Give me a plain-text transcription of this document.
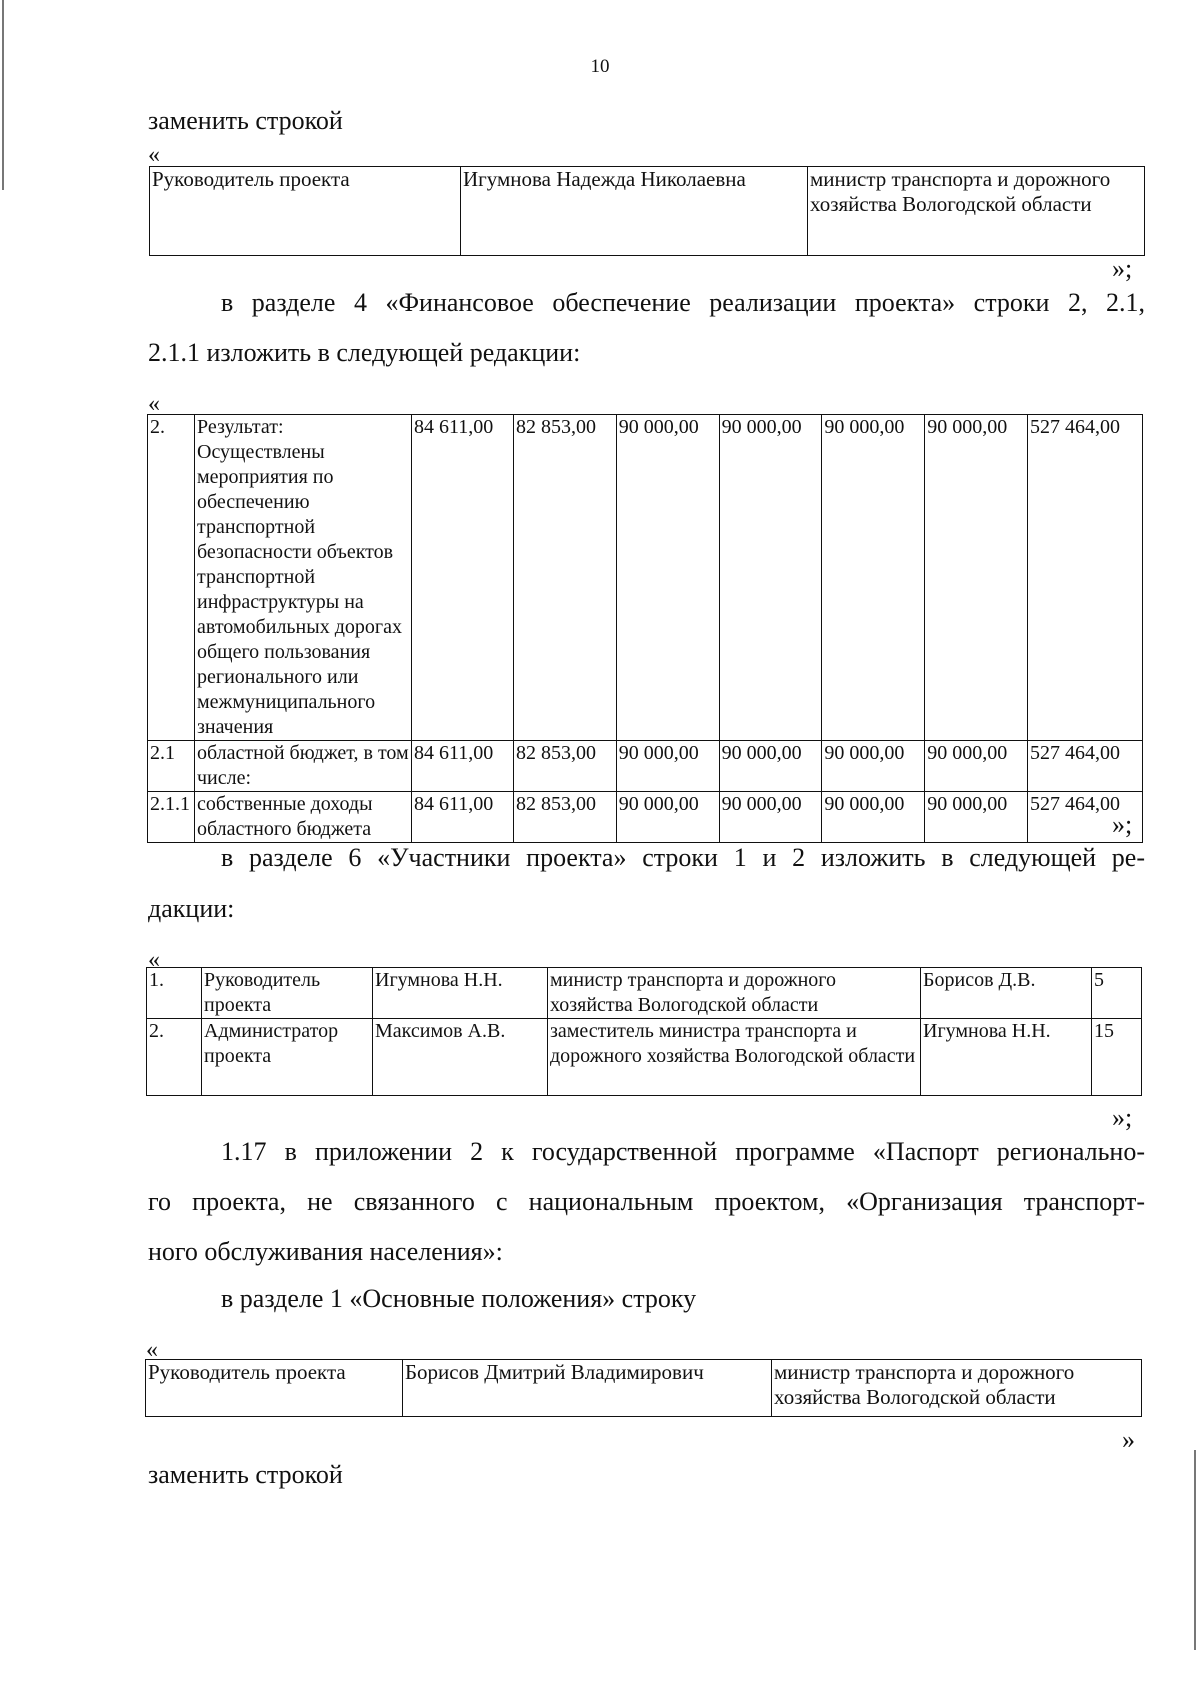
10
заменить строкой
«
Руководитель проекта	Игумнова Надежда Николаевна	министр транспорта и дорожного хозяйства Вологодской области
»;
в разделе 4 «Финансовое обеспечение реализации проекта» строки 2, 2.1,
2.1.1 изложить в следующей редакции:
«
2.	Результат: Осуществлены мероприятия по обеспечению транспортной безопасности объектов транспортной инфраструктуры на автомобильных дорогах общего пользования регионального или межмуниципального значения	84 611,00	82 853,00	90 000,00	90 000,00	90 000,00	90 000,00	527 464,00
2.1	областной бюджет, в том числе:	84 611,00	82 853,00	90 000,00	90 000,00	90 000,00	90 000,00	527 464,00
2.1.1	собственные доходы областного бюджета	84 611,00	82 853,00	90 000,00	90 000,00	90 000,00	90 000,00	527 464,00
»;
в разделе 6 «Участники проекта» строки 1 и 2 изложить в следующей ре-
дакции:
«
1.	Руководитель проекта	Игумнова Н.Н.	министр транспорта и дорожного хозяйства Вологодской области	Борисов Д.В.	5
2.	Администратор проекта	Максимов А.В.	заместитель министра транспорта и дорожного хозяйства Вологодской области	Игумнова Н.Н.	15
»;
1.17 в приложении 2 к государственной программе «Паспорт регионально-
го проекта, не связанного с национальным проектом, «Организация транспорт-
ного обслуживания населения»:
в разделе 1 «Основные положения» строку
«
Руководитель проекта	Борисов Дмитрий Владимирович	министр транспорта и дорожного хозяйства Вологодской области
»
заменить строкой
